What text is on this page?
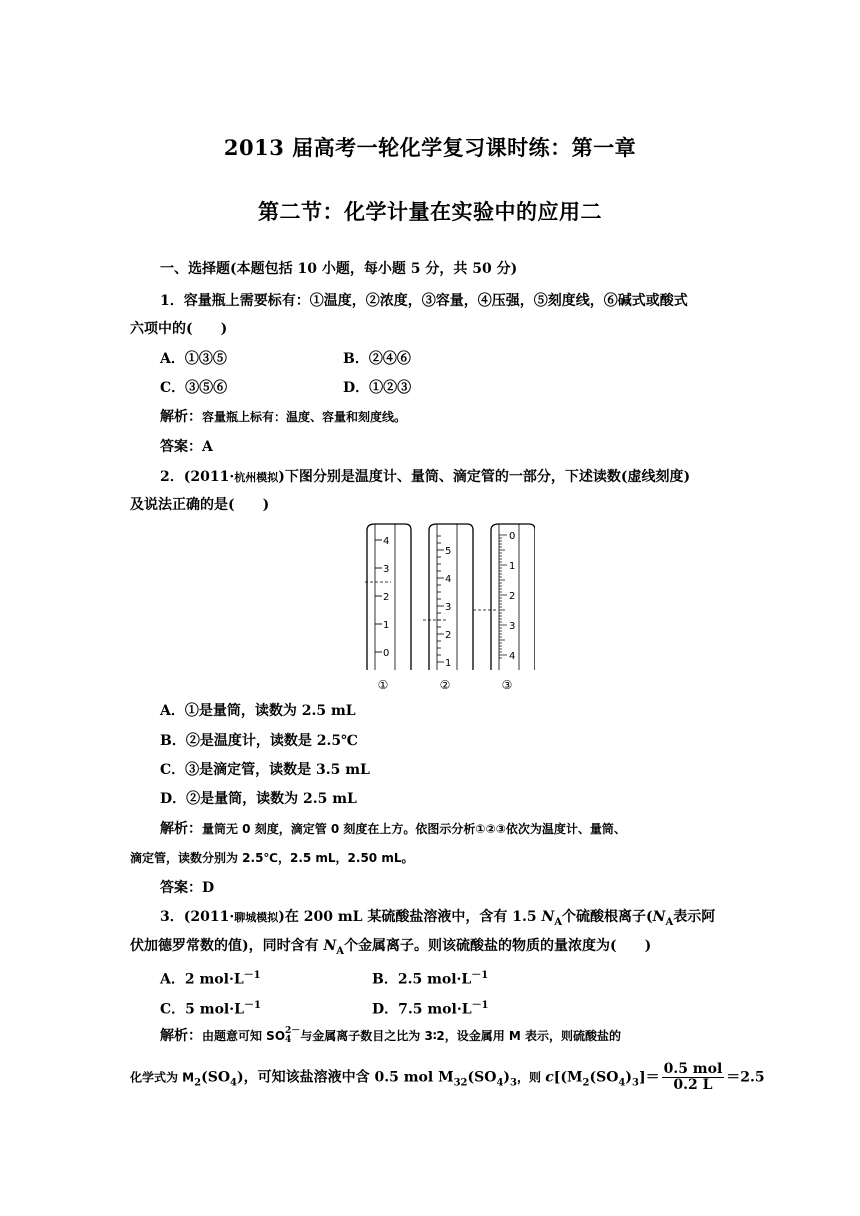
2013 届高考一轮化学复习课时练：第一章
第二节：化学计量在实验中的应用二
一、选择题(本题包括 10 小题，每小题 5 分，共 50 分)
1．容量瓶上需要标有：①温度，②浓度，③容量，④压强，⑤刻度线，⑥碱式或酸式
六项中的(　　)
A．①③⑤	B．②④⑥
C．③⑤⑥	D．①②③
解析：容量瓶上标有：温度、容量和刻度线。
答案：A
2．(2011·杭州模拟)下图分别是温度计、量筒、滴定管的一部分，下述读数(虚线刻度)
及说法正确的是(　　)
4
3
2
1
0
①
5
4
3
2
1
②
0
1
2
3
4
③
A．①是量筒，读数为 2.5 mL
B．②是温度计，读数是 2.5℃
C．③是滴定管，读数是 3.5 mL
D．②是量筒，读数为 2.5 mL
解析：量筒无 0 刻度，滴定管 0 刻度在上方。依图示分析①②③依次为温度计、量筒、
滴定管，读数分别为 2.5℃，2.5 mL，2.50 mL。
答案：D
3．(2011·聊城模拟)在 200 mL 某硫酸盐溶液中，含有 1.5 $N_A$个硫酸根离子($N_A$表示阿
伏加德罗常数的值)，同时含有 $N_A$个金属离子。则该硫酸盐的物质的量浓度为(　　)
A．2 $mol\cdot L^{-1}$	B．2.5 $mol\cdot L^{-1}$
C．5 $mol\cdot L^{-1}$	D．7.5 $mol\cdot L^{-1}$
解析：由题意可知 SO 2－
4 与金属离子数目之比为 3∶2，设金属用 M 表示，则硫酸盐的
化学式为 $M_2(SO_4)$，可知该盐溶液中含 0.5 mol $M_{32}(SO_4)_3$，则 $c[(M_2(SO_4)_3]= \frac{\text{0.5 mol}}{0.2 L} =2.5$
